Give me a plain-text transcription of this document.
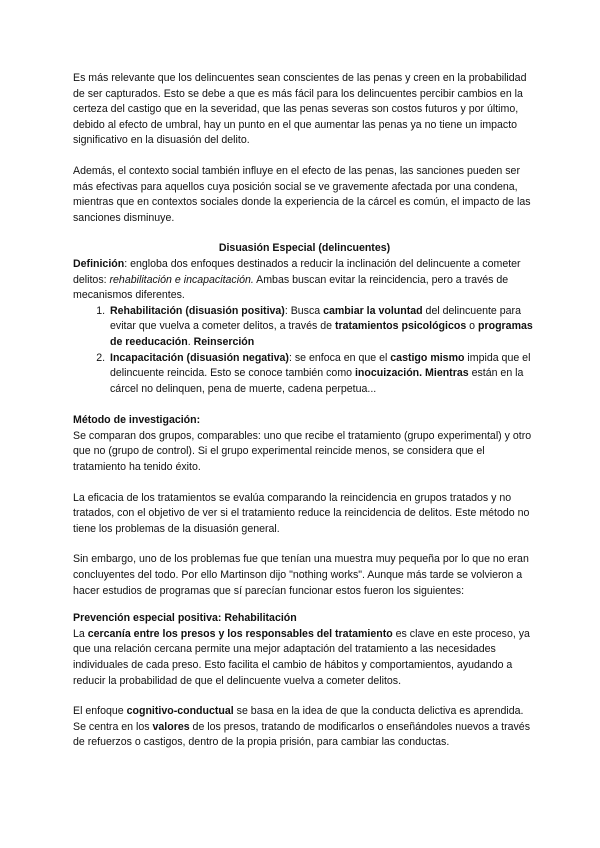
Es más relevante que los delincuentes sean conscientes de las penas y creen en la probabilidad de ser capturados. Esto se debe a que es más fácil para los delincuentes percibir cambios en la certeza del castigo que en la severidad, que las penas severas son costos futuros y por último, debido al efecto de umbral, hay un punto en el que aumentar las penas ya no tiene un impacto significativo en la disuasión del delito.

Además, el contexto social también influye en el efecto de las penas, las sanciones pueden ser más efectivas para aquellos cuya posición social se ve gravemente afectada por una condena, mientras que en contextos sociales donde la experiencia de la cárcel es común, el impacto de las sanciones disminuye.

Disuasión Especial (delincuentes)

Definición: engloba dos enfoques destinados a reducir la inclinación del delincuente a cometer delitos: rehabilitación e incapacitación. Ambas buscan evitar la reincidencia, pero a través de mecanismos diferentes.

1. Rehabilitación (disuasión positiva): Busca cambiar la voluntad del delincuente para evitar que vuelva a cometer delitos, a través de tratamientos psicológicos o programas de reeducación. Reinserción
2. Incapacitación (disuasión negativa): se enfoca en que el castigo mismo impida que el delincuente reincida. Esto se conoce también como inocuización. Mientras están en la cárcel no delinquen, pena de muerte, cadena perpetua...

Método de investigación:

Se comparan dos grupos, comparables: uno que recibe el tratamiento (grupo experimental) y otro que no (grupo de control). Si el grupo experimental reincide menos, se considera que el tratamiento ha tenido éxito.

La eficacia de los tratamientos se evalúa comparando la reincidencia en grupos tratados y no tratados, con el objetivo de ver si el tratamiento reduce la reincidencia de delitos. Este método no tiene los problemas de la disuasión general.

Sin embargo, uno de los problemas fue que tenían una muestra muy pequeña por lo que no eran concluyentes del todo. Por ello Martinson dijo "nothing works". Aunque más tarde se volvieron a hacer estudios de programas que sí parecían funcionar estos fueron los siguientes:

Prevención especial positiva: Rehabilitación

La cercanía entre los presos y los responsables del tratamiento es clave en este proceso, ya que una relación cercana permite una mejor adaptación del tratamiento a las necesidades individuales de cada preso. Esto facilita el cambio de hábitos y comportamientos, ayudando a reducir la probabilidad de que el delincuente vuelva a cometer delitos.

El enfoque cognitivo-conductual se basa en la idea de que la conducta delictiva es aprendida. Se centra en los valores de los presos, tratando de modificarlos o enseñándoles nuevos a través de refuerzos o castigos, dentro de la propia prisión, para cambiar las conductas.
